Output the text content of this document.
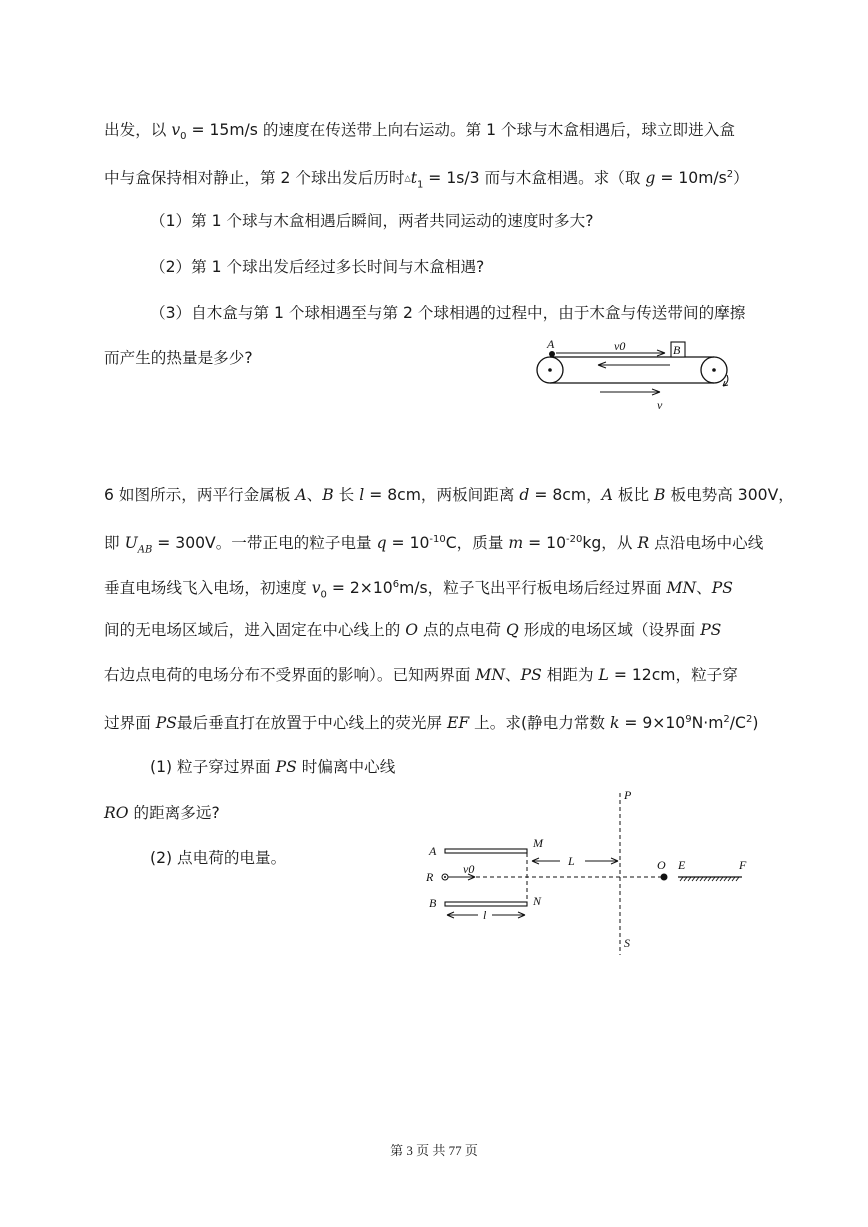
出发，以 $v_0 = 15m/s$ 的速度在传送带上向右运动。第 1 个球与木盒相遇后，球立即进入盒

中与盒保持相对静止，第 2 个球出发后历时$\triangle t_1 = 1s/3$ 而与木盒相遇。求（取 $g = 10m/s^2$）

（1）第 1 个球与木盒相遇后瞬间，两者共同运动的速度时多大?

（2）第 1 个球出发后经过多长时间与木盒相遇?

（3）自木盒与第 1 个球相遇至与第 2 个球相遇的过程中，由于木盒与传送带间的摩擦

而产生的热量是多少?

A	v0	B
v

6 如图所示，两平行金属板 A、B 长 l = 8cm，两板间距离 d = 8cm，A 板比 B 板电势高 300V，

即 $U_{AB} = 300V$。一带正电的粒子电量 $q = 10^{-10}C$，质量 $m = 10^{-20}kg$，从 R 点沿电场中心线

垂直电场线飞入电场，初速度 $v_0 = 2\times 10^6m/s$，粒子飞出平行板电场后经过界面 MN、PS

间的无电场区域后，进入固定在中心线上的 O 点的点电荷 Q 形成的电场区域（设界面 PS

右边点电荷的电场分布不受界面的影响）。已知两界面 MN、PS 相距为 L = 12cm，粒子穿

过界面 PS最后垂直打在放置于中心线上的荧光屏 EF 上。求(静电力常数 $k = 9\times 10^9N\cdot m^2/C^2$)

(1) 粒子穿过界面 PS 时偏离中心线

RO 的距离多远?

(2) 点电荷的电量。

P
S
A
B
M
N
R
v0
L
l
O E	F
第 3 页 共 77 页
